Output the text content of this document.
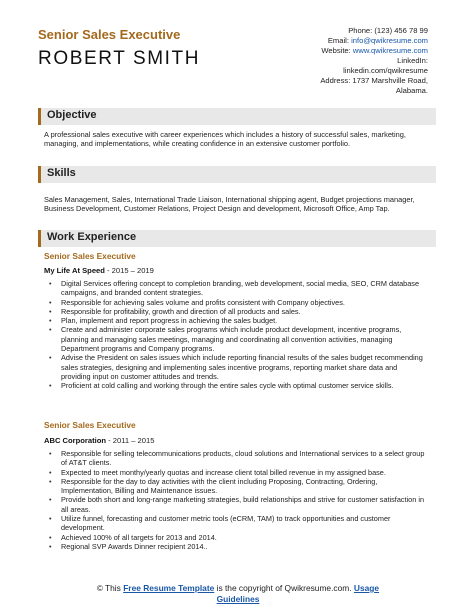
Senior Sales Executive
ROBERT SMITH
Phone: (123) 456 78 99
Email: info@qwikresume.com
Website: www.qwikresume.com
LinkedIn:
linkedin.com/qwikresume
Address: 1737 Marshville Road,
Alabama.
Objective
A professional sales executive with career experiences which includes a history of successful sales, marketing, managing, and implementations, while creating confidence in an extensive customer portfolio.
Skills
Sales Management, Sales, International Trade Liaison, International shipping agent, Budget projections manager, Business Development, Customer Relations, Project Design and development, Microsoft Office, Amp Tap.
Work Experience
Senior Sales Executive
My Life At Speed - 2015 – 2019
• Digital Services offering concept to completion branding, web development, social media, SEO, CRM database campaigns, and branded content strategies.
• Responsible for achieving sales volume and profits consistent with Company objectives.
• Responsible for profitability, growth and direction of all products and sales.
• Plan, implement and report progress in achieving the sales budget.
• Create and administer corporate sales programs which include product development, incentive programs, planning and managing sales meetings, managing and coordinating all convention activities, managing Department programs and Company programs.
• Advise the President on sales issues which include reporting financial results of the sales budget recommending sales strategies, designing and implementing sales incentive programs, reporting market share data and providing input on customer attitudes and trends.
• Proficient at cold calling and working through the entire sales cycle with optimal customer service skills.
Senior Sales Executive
ABC Corporation - 2011 – 2015
• Responsible for selling telecommunications products, cloud solutions and International services to a select group of AT&T clients.
• Expected to meet monthy/yearly quotas and increase client total billed revenue in my assigned base.
• Responsible for the day to day activities with the client including Proposing, Contracting, Ordering, Implementation, Billing and Maintenance issues.
• Provide both short and long-range marketing strategies, build relationships and strive for customer satisfaction in all areas.
• Utilize funnel, forecasting and customer metric tools (eCRM, TAM) to track opportunities and customer development.
• Achieved 100% of all targets for 2013 and 2014.
• Regional SVP Awards Dinner recipient 2014..
© This Free Resume Template is the copyright of Qwikresume.com. Usage
Guidelines
